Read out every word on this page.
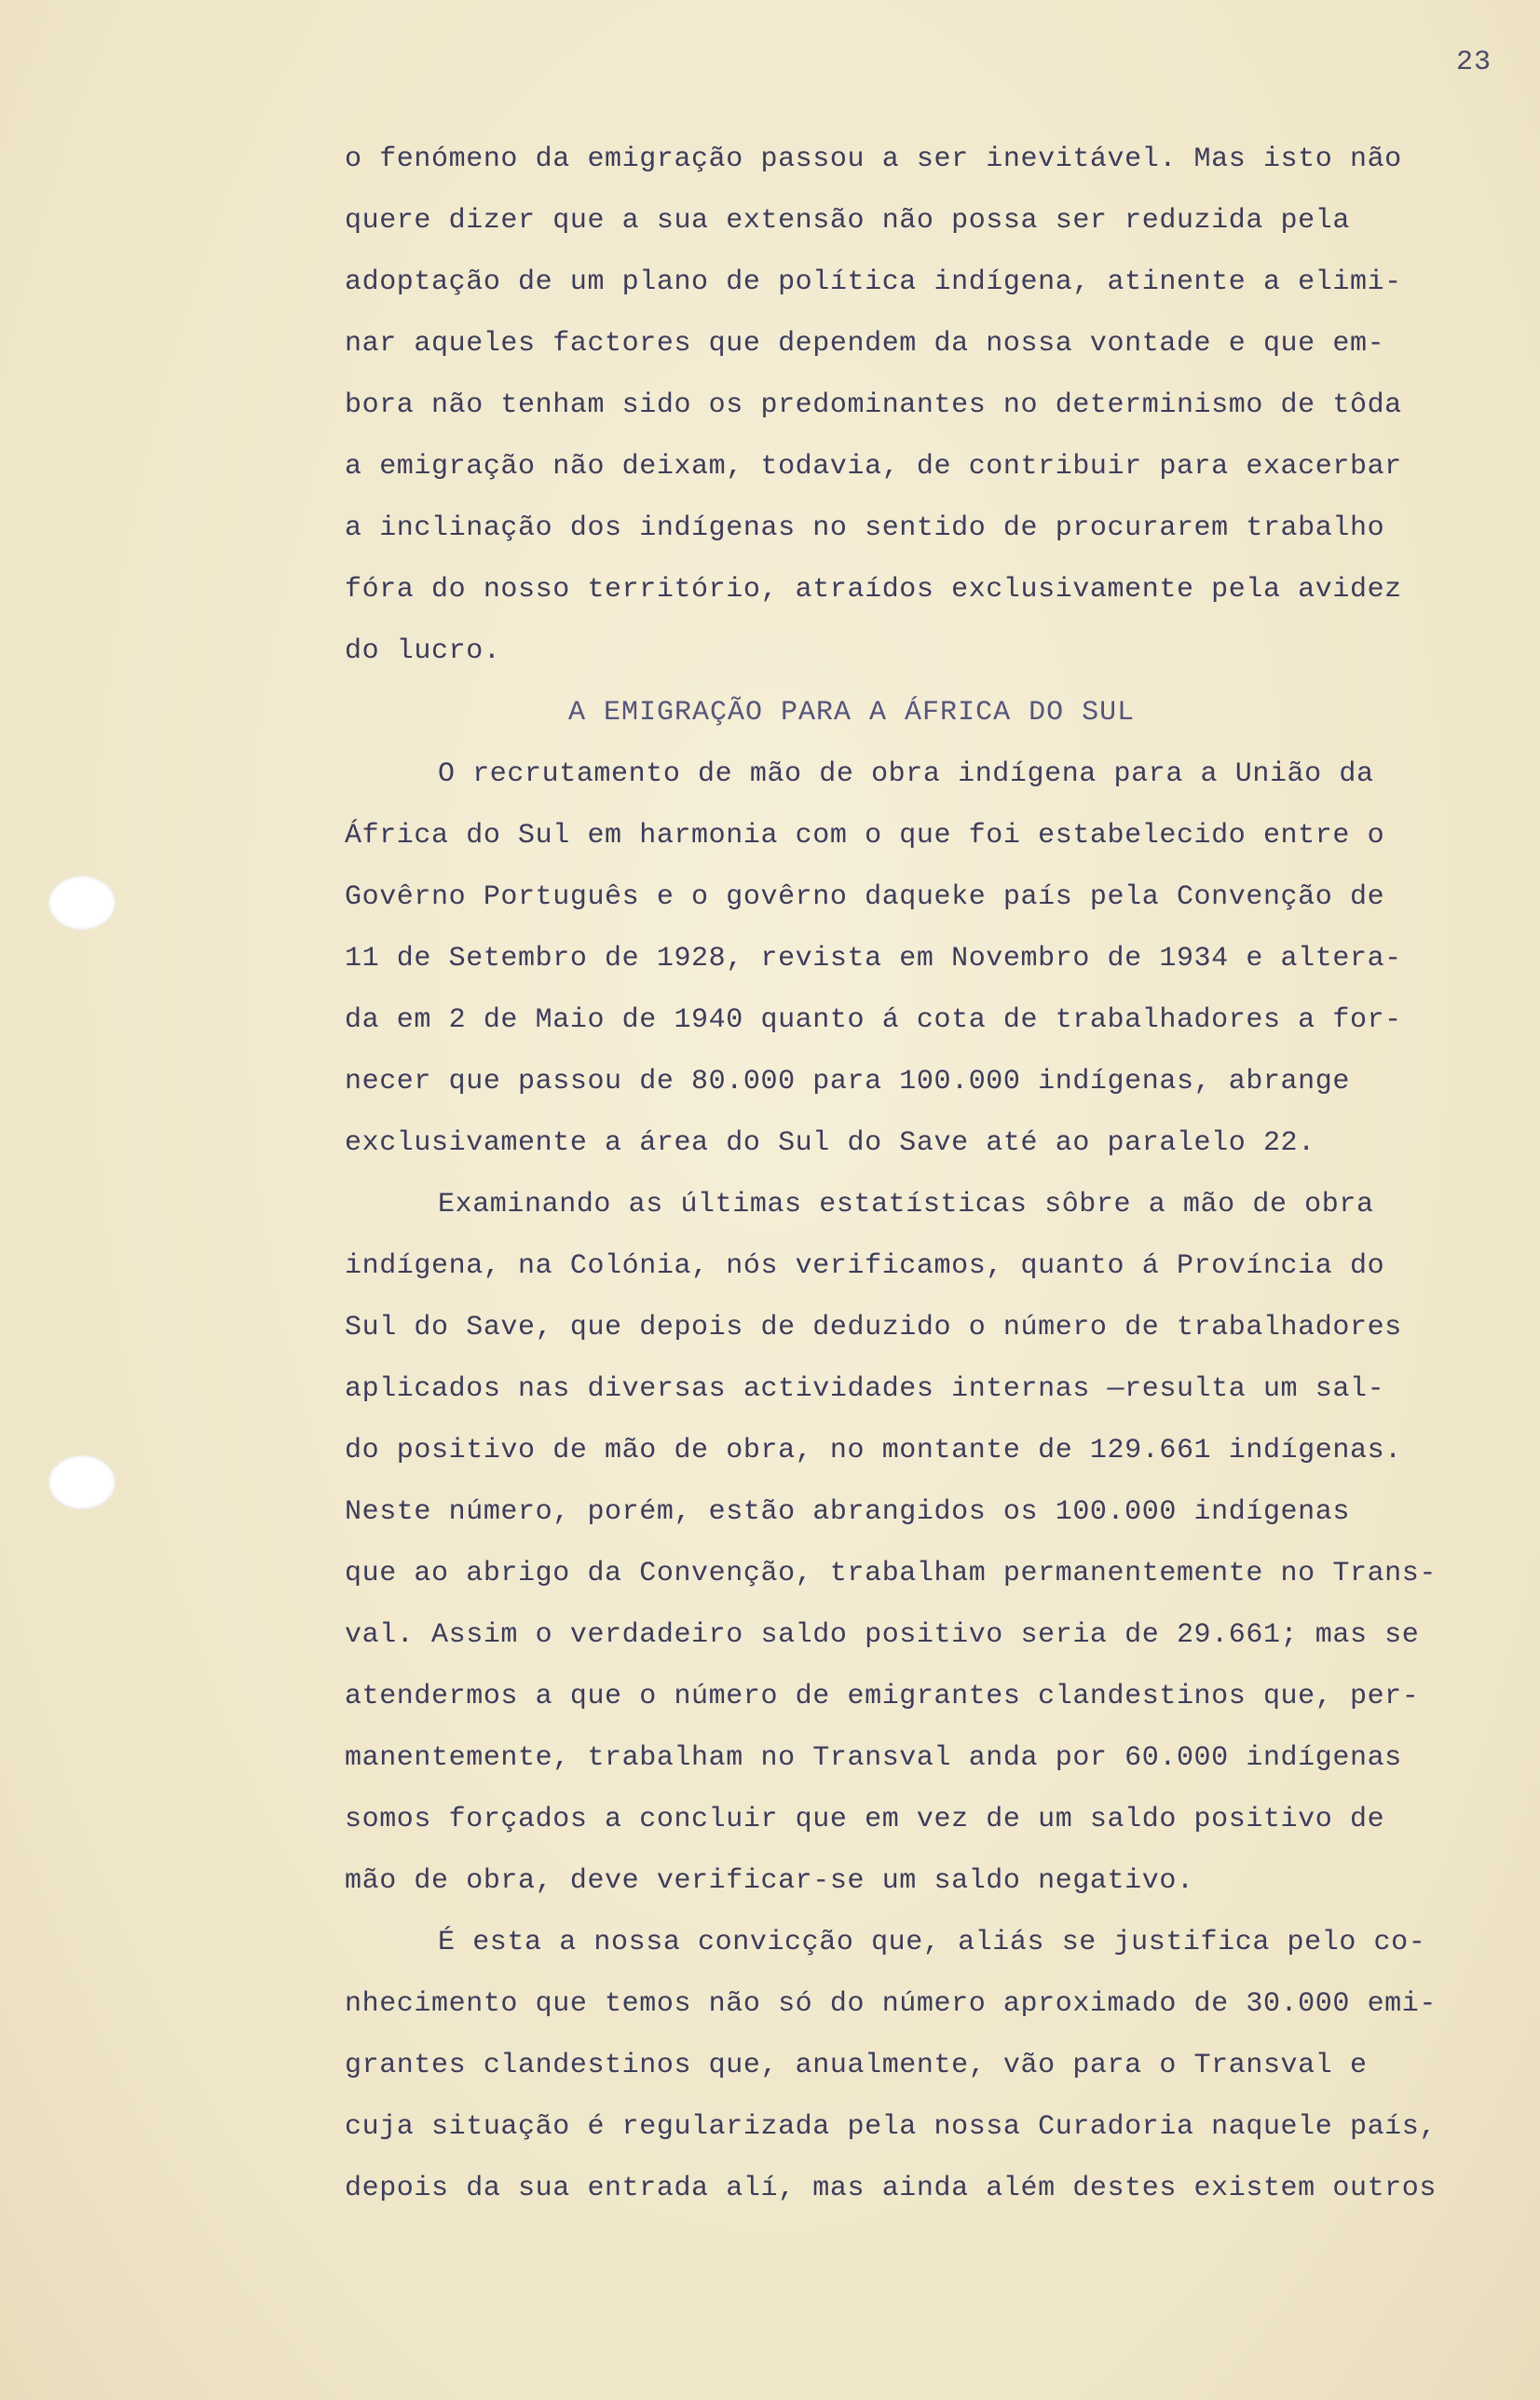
23
o fenómeno da emigração passou a ser inevitável. Mas isto não
quere dizer que a sua extensão não possa ser reduzida pela
adoptação de um plano de política indígena, atinente a elimi-
nar aqueles factores que dependem da nossa vontade e que em-
bora não tenham sido os predominantes no determinismo de tôda
a emigração não deixam, todavia, de contribuir para exacerbar
a inclinação dos indígenas no sentido de procurarem trabalho
fóra do nosso território, atraídos exclusivamente pela avidez
do lucro.
A EMIGRAÇÃO PARA A ÁFRICA DO SUL
O recrutamento de mão de obra indígena para a União da
África do Sul em harmonia com o que foi estabelecido entre o
Govêrno Português e o govêrno daqueke país pela Convenção de
11 de Setembro de 1928, revista em Novembro de 1934 e altera-
da em 2 de Maio de 1940 quanto á cota de trabalhadores a for-
necer que passou de 80.000 para 100.000 indígenas, abrange
exclusivamente a área do Sul do Save até ao paralelo 22.
Examinando as últimas estatísticas sôbre a mão de obra
indígena, na Colónia, nós verificamos, quanto á Província do
Sul do Save, que depois de deduzido o número de trabalhadores
aplicados nas diversas actividades internas —resulta um sal-
do positivo de mão de obra, no montante de 129.661 indígenas.
Neste número, porém, estão abrangidos os 100.000 indígenas
que ao abrigo da Convenção, trabalham permanentemente no Trans-
val. Assim o verdadeiro saldo positivo seria de 29.661; mas se
atendermos a que o número de emigrantes clandestinos que, per-
manentemente, trabalham no Transval anda por 60.000 indígenas
somos forçados a concluir que em vez de um saldo positivo de
mão de obra, deve verificar-se um saldo negativo.
É esta a nossa convicção que, aliás se justifica pelo co-
nhecimento que temos não só do número aproximado de 30.000 emi-
grantes clandestinos que, anualmente, vão para o Transval e
cuja situação é regularizada pela nossa Curadoria naquele país,
depois da sua entrada alí, mas ainda além destes existem outros
